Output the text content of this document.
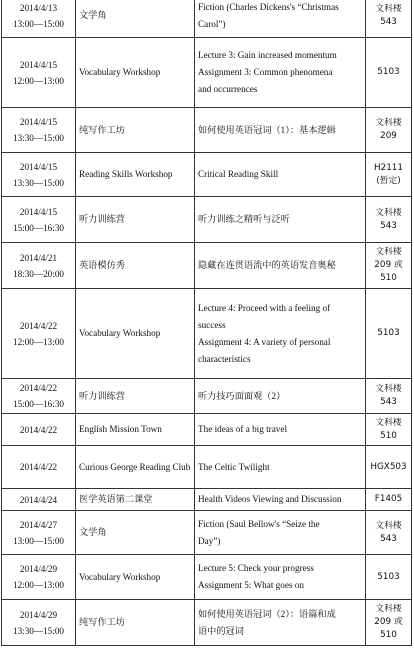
2014/4/13
13:00—15:00	文学角	Fiction (Charles Dickens's “Christmas
Carol”)	文科楼
543

2014/4/15
12:00—13:00	Vocabulary Workshop	Lecture 3: Gain increased momentum
Assignment 3: Common phenomena
and occurrences	5103

2014/4/15
13:30—15:00	纯写作工坊	如何使用英语冠词（1）：基本逻辑	文科楼
209

2014/4/15
13:30—15:00	Reading Skills Workshop	Critical Reading Skill	H2111
(暂定)

2014/4/15
15:00—16:30	听力训练营	听力训练之精听与泛听	文科楼
543

2014/4/21
18:30—20:00	英语模仿秀	隐藏在连贯语流中的英语发音奥秘	文科楼
209 或
510

2014/4/22
12:00—13:00	Vocabulary Workshop	Lecture 4: Proceed with a feeling of
success
Assignment 4: A variety of personal
characteristics	5103

2014/4/22
15:00—16:30	听力训练营	听力技巧面面观（2）	文科楼
543

2014/4/22	English Mission Town	The ideas of a big travel	文科楼
510

2014/4/22	Curious George Reading Club	The Celtic Twilight	HGX503

2014/4/24	医学英语第二课堂	Health Videos Viewing and Discussion	F1405

2014/4/27
13:00—15:00	文学角	Fiction (Saul Bellow's “Seize the
Day”)	文科楼
543

2014/4/29
12:00—13:00	Vocabulary Workshop	Lecture 5: Check your progress
Assignment 5: What goes on	5103

2014/4/29
13:30—15:00	纯写作工坊	如何使用英语冠词（2）：语篇和成
语中的冠词	文科楼
209 或
510
